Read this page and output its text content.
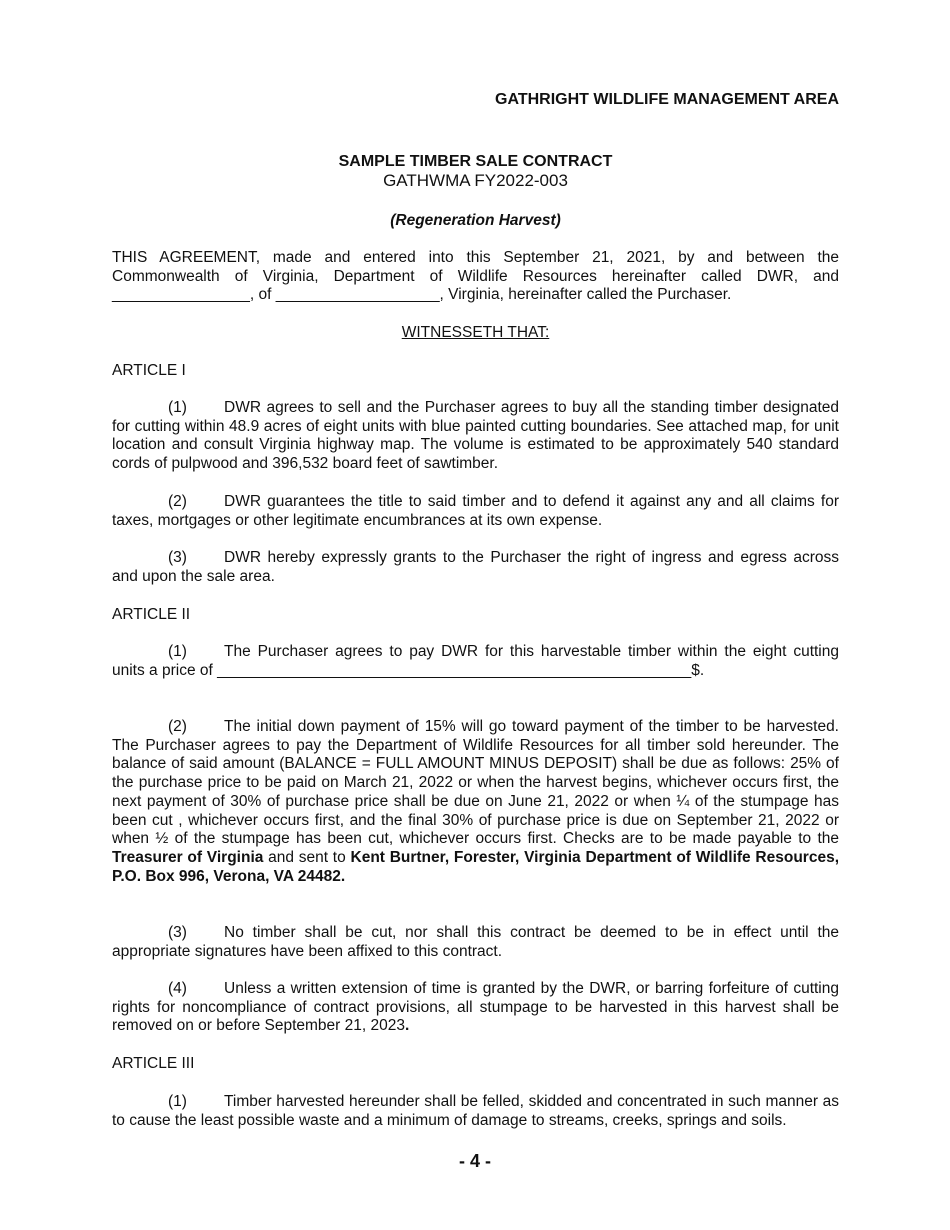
GATHRIGHT WILDLIFE MANAGEMENT AREA
SAMPLE TIMBER SALE CONTRACT
GATHWMA FY2022-003
(Regeneration Harvest)

THIS AGREEMENT, made and entered into this September 21, 2021, by and between the Commonwealth of Virginia, Department of Wildlife Resources hereinafter called DWR, and ________________, of ___________________, Virginia, hereinafter called the Purchaser.

WITNESSETH THAT:
ARTICLE I

(1) DWR agrees to sell and the Purchaser agrees to buy all the standing timber designated for cutting within 48.9 acres of eight units with blue painted cutting boundaries. See attached map, for unit location and consult Virginia highway map. The volume is estimated to be approximately 540 standard cords of pulpwood and 396,532 board feet of sawtimber.

(2) DWR guarantees the title to said timber and to defend it against any and all claims for taxes, mortgages or other legitimate encumbrances at its own expense.

(3) DWR hereby expressly grants to the Purchaser the right of ingress and egress across and upon the sale area.

ARTICLE II

(1) The Purchaser agrees to pay DWR for this harvestable timber within the eight cutting units a price of _______________________________________________________$.

(2) The initial down payment of 15% will go toward payment of the timber to be harvested. The Purchaser agrees to pay the Department of Wildlife Resources for all timber sold hereunder. The balance of said amount (BALANCE = FULL AMOUNT MINUS DEPOSIT) shall be due as follows: 25% of the purchase price to be paid on March 21, 2022 or when the harvest begins, whichever occurs first, the next payment of 30% of purchase price shall be due on June 21, 2022 or when ¼ of the stumpage has been cut , whichever occurs first, and the final 30% of purchase price is due on September 21, 2022 or when ½ of the stumpage has been cut, whichever occurs first. Checks are to be made payable to the Treasurer of Virginia and sent to Kent Burtner, Forester, Virginia Department of Wildlife Resources, P.O. Box 996, Verona, VA 24482.

(3) No timber shall be cut, nor shall this contract be deemed to be in effect until the appropriate signatures have been affixed to this contract.

(4) Unless a written extension of time is granted by the DWR, or barring forfeiture of cutting rights for noncompliance of contract provisions, all stumpage to be harvested in this harvest shall be removed on or before September 21, 2023.

ARTICLE III

(1) Timber harvested hereunder shall be felled, skidded and concentrated in such manner as to cause the least possible waste and a minimum of damage to streams, creeks, springs and soils.

- 4 -
